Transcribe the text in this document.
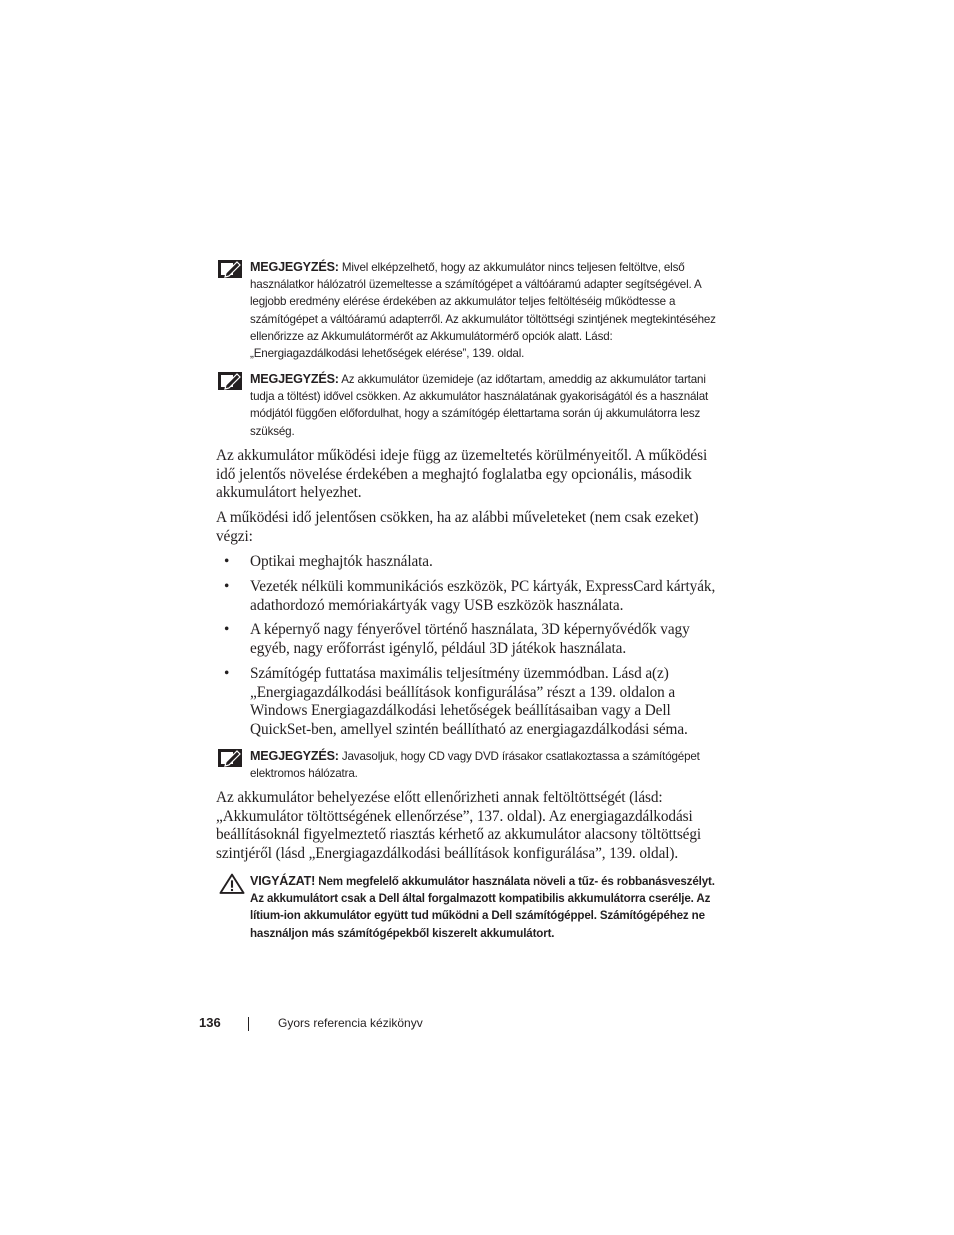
MEGJEGYZÉS: Mivel elképzelhető, hogy az akkumulátor nincs teljesen feltöltve, első használatkor hálózatról üzemeltesse a számítógépet a váltóáramú adapter segítségével. A legjobb eredmény elérése érdekében az akkumulátor teljes feltöltéséig működtesse a számítógépet a váltóáramú adapterről. Az akkumulátor töltöttségi szintjének megtekintéséhez ellenőrizze az Akkumulátormérőt az Akkumulátormérő opciók alatt. Lásd: „Energiagazdálkodási lehetőségek elérése”, 139. oldal.
MEGJEGYZÉS: Az akkumulátor üzemideje (az időtartam, ameddig az akkumulátor tartani tudja a töltést) idővel csökken. Az akkumulátor használatának gyakoriságától és a használat módjától függően előfordulhat, hogy a számítógép élettartama során új akkumulátorra lesz szükség.

Az akkumulátor működési ideje függ az üzemeltetés körülményeitől. A működési idő jelentős növelése érdekében a meghajtó foglalatba egy opcionális, második akkumulátort helyezhet.

A működési idő jelentősen csökken, ha az alábbi műveleteket (nem csak ezeket) végzi:

• Optikai meghajtók használata.
• Vezeték nélküli kommunikációs eszközök, PC kártyák, ExpressCard kártyák, adathordozó memóriakártyák vagy USB eszközök használata.
• A képernyő nagy fényerővel történő használata, 3D képernyővédők vagy egyéb, nagy erőforrást igénylő, például 3D játékok használata.
• Számítógép futtatása maximális teljesítmény üzemmódban. Lásd a(z) „Energiagazdálkodási beállítások konfigurálása” részt a 139. oldalon a Windows Energiagazdálkodási lehetőségek beállításaiban vagy a Dell QuickSet-ben, amellyel szintén beállítható az energiagazdálkodási séma.
MEGJEGYZÉS: Javasoljuk, hogy CD vagy DVD írásakor csatlakoztassa a számítógépet elektromos hálózatra.

Az akkumulátor behelyezése előtt ellenőrizheti annak feltöltöttségét (lásd: „Akkumulátor töltöttségének ellenőrzése”, 137. oldal). Az energiagazdálkodási beállításoknál figyelmeztető riasztás kérhető az akkumulátor alacsony töltöttségi szintjéről (lásd „Energiagazdálkodási beállítások konfigurálása”, 139. oldal).

VIGYÁZAT! Nem megfelelő akkumulátor használata növeli a tűz- és robbanásveszélyt. Az akkumulátort csak a Dell által forgalmazott kompatibilis akkumulátorra cserélje. Az lítium-ion akkumulátor együtt tud működni a Dell számítógéppel. Számítógépéhez ne használjon más számítógépekből kiszerelt akkumulátort.
136	Gyors referencia kézikönyv
